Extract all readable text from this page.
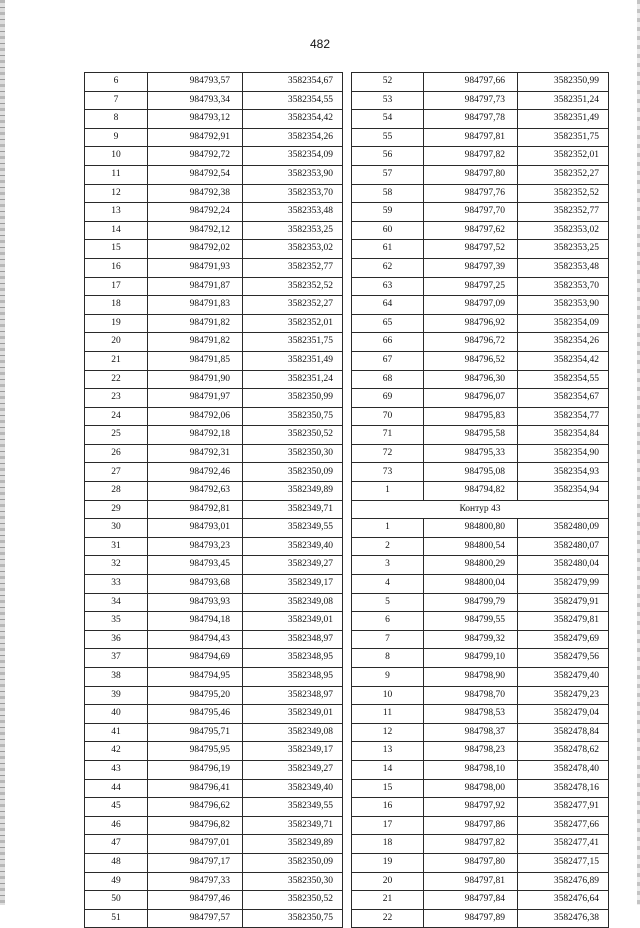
482
6	984793,57	3582354,67
7	984793,34	3582354,55
8	984793,12	3582354,42
9	984792,91	3582354,26
10	984792,72	3582354,09
11	984792,54	3582353,90
12	984792,38	3582353,70
13	984792,24	3582353,48
14	984792,12	3582353,25
15	984792,02	3582353,02
16	984791,93	3582352,77
17	984791,87	3582352,52
18	984791,83	3582352,27
19	984791,82	3582352,01
20	984791,82	3582351,75
21	984791,85	3582351,49
22	984791,90	3582351,24
23	984791,97	3582350,99
24	984792,06	3582350,75
25	984792,18	3582350,52
26	984792,31	3582350,30
27	984792,46	3582350,09
28	984792,63	3582349,89
29	984792,81	3582349,71
30	984793,01	3582349,55
31	984793,23	3582349,40
32	984793,45	3582349,27
33	984793,68	3582349,17
34	984793,93	3582349,08
35	984794,18	3582349,01
36	984794,43	3582348,97
37	984794,69	3582348,95
38	984794,95	3582348,95
39	984795,20	3582348,97
40	984795,46	3582349,01
41	984795,71	3582349,08
42	984795,95	3582349,17
43	984796,19	3582349,27
44	984796,41	3582349,40
45	984796,62	3582349,55
46	984796,82	3582349,71
47	984797,01	3582349,89
48	984797,17	3582350,09
49	984797,33	3582350,30
50	984797,46	3582350,52
51	984797,57	3582350,75
52	984797,66	3582350,99
53	984797,73	3582351,24
54	984797,78	3582351,49
55	984797,81	3582351,75
56	984797,82	3582352,01
57	984797,80	3582352,27
58	984797,76	3582352,52
59	984797,70	3582352,77
60	984797,62	3582353,02
61	984797,52	3582353,25
62	984797,39	3582353,48
63	984797,25	3582353,70
64	984797,09	3582353,90
65	984796,92	3582354,09
66	984796,72	3582354,26
67	984796,52	3582354,42
68	984796,30	3582354,55
69	984796,07	3582354,67
70	984795,83	3582354,77
71	984795,58	3582354,84
72	984795,33	3582354,90
73	984795,08	3582354,93
1	984794,82	3582354,94
Контур 43		
1	984800,80	3582480,09
2	984800,54	3582480,07
3	984800,29	3582480,04
4	984800,04	3582479,99
5	984799,79	3582479,91
6	984799,55	3582479,81
7	984799,32	3582479,69
8	984799,10	3582479,56
9	984798,90	3582479,40
10	984798,70	3582479,23
11	984798,53	3582479,04
12	984798,37	3582478,84
13	984798,23	3582478,62
14	984798,10	3582478,40
15	984798,00	3582478,16
16	984797,92	3582477,91
17	984797,86	3582477,66
18	984797,82	3582477,41
19	984797,80	3582477,15
20	984797,81	3582476,89
21	984797,84	3582476,64
22	984797,89	3582476,38
